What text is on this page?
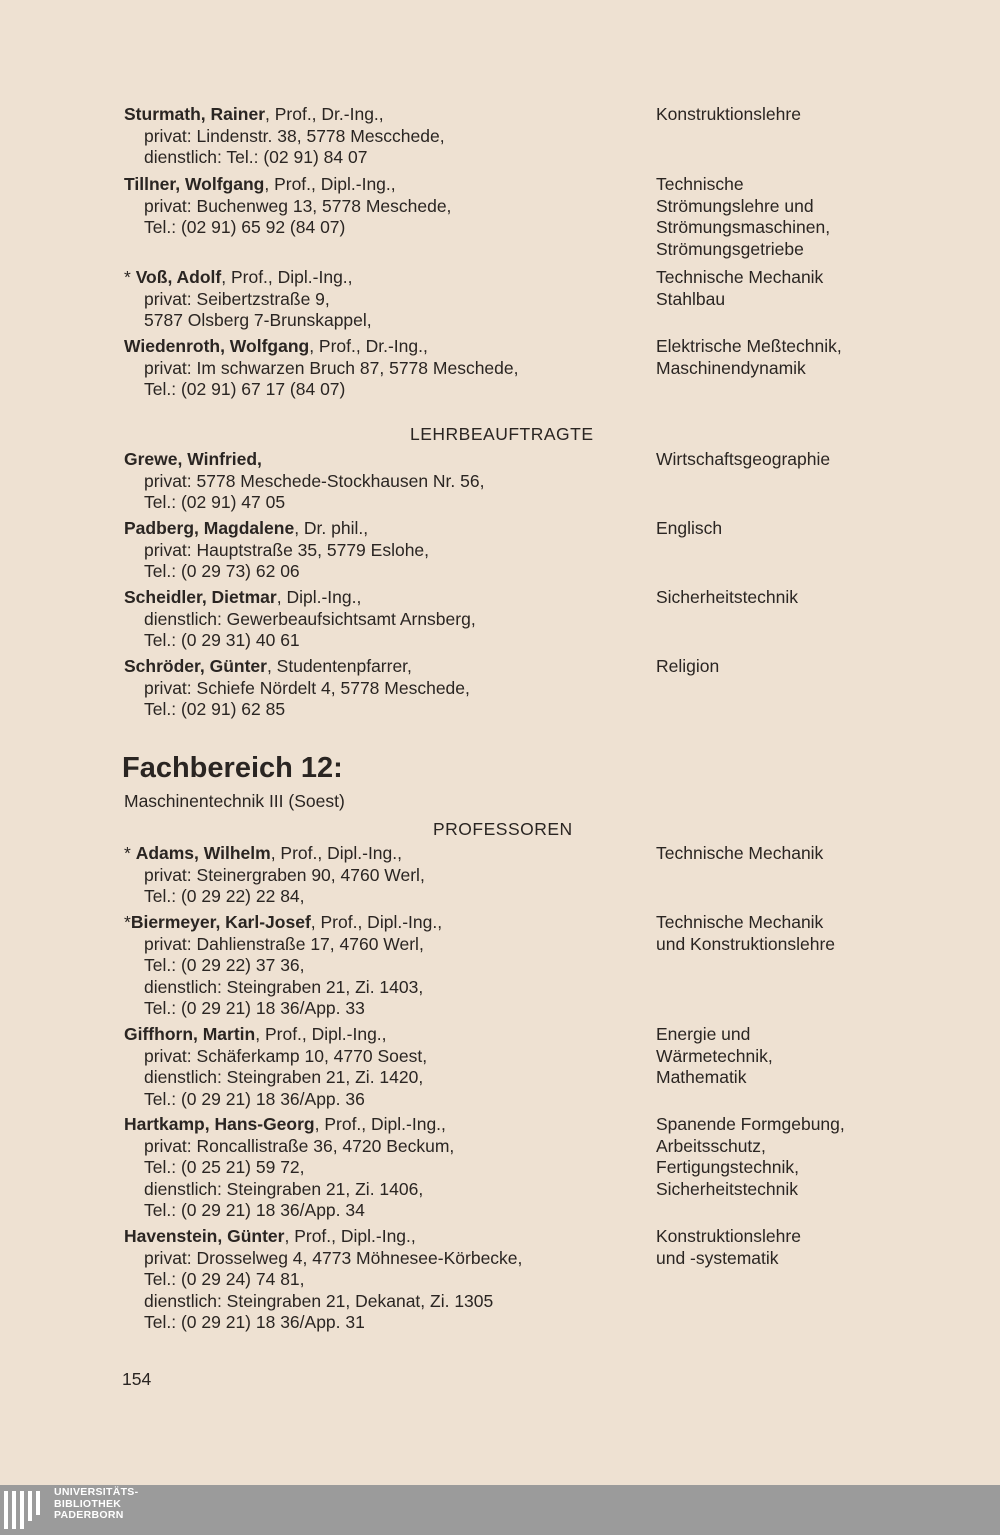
Sturmath, Rainer, Prof., Dr.-Ing.,
privat: Lindenstr. 38, 5778 Mescchede,
dienstlich: Tel.: (02 91) 84 07
Konstruktionslehre
Tillner, Wolfgang, Prof., Dipl.-Ing.,
privat: Buchenweg 13, 5778 Meschede,
Tel.: (02 91) 65 92 (84 07)
Technische
Strömungslehre und
Strömungsmaschinen,
Strömungsgetriebe
* Voß, Adolf, Prof., Dipl.-Ing.,
privat: Seibertzstraße 9,
5787 Olsberg 7-Brunskappel,
Technische Mechanik
Stahlbau
Wiedenroth, Wolfgang, Prof., Dr.-Ing.,
privat: Im schwarzen Bruch 87, 5778 Meschede,
Tel.: (02 91) 67 17 (84 07)
Elektrische Meßtechnik,
Maschinendynamik
LEHRBEAUFTRAGTE
Grewe, Winfried,
privat: 5778 Meschede-Stockhausen Nr. 56,
Tel.: (02 91) 47 05
Wirtschaftsgeographie
Padberg, Magdalene, Dr. phil.,
privat: Hauptstraße 35, 5779 Eslohe,
Tel.: (0 29 73) 62 06
Englisch
Scheidler, Dietmar, Dipl.-Ing.,
dienstlich: Gewerbeaufsichtsamt Arnsberg,
Tel.: (0 29 31) 40 61
Sicherheitstechnik
Schröder, Günter, Studentenpfarrer,
privat: Schiefe Nördelt 4, 5778 Meschede,
Tel.: (02 91) 62 85
Religion
Fachbereich 12:
Maschinentechnik III (Soest)
PROFESSOREN
* Adams, Wilhelm, Prof., Dipl.-Ing.,
privat: Steinergraben 90, 4760 Werl,
Tel.: (0 29 22) 22 84,
Technische Mechanik
*Biermeyer, Karl-Josef, Prof., Dipl.-Ing.,
privat: Dahlienstraße 17, 4760 Werl,
Tel.: (0 29 22) 37 36,
dienstlich: Steingraben 21, Zi. 1403,
Tel.: (0 29 21) 18 36/App. 33
Technische Mechanik
und Konstruktionslehre
Giffhorn, Martin, Prof., Dipl.-Ing.,
privat: Schäferkamp 10, 4770 Soest,
dienstlich: Steingraben 21, Zi. 1420,
Tel.: (0 29 21) 18 36/App. 36
Energie und
Wärmetechnik,
Mathematik
Hartkamp, Hans-Georg, Prof., Dipl.-Ing.,
privat: Roncallistraße 36, 4720 Beckum,
Tel.: (0 25 21) 59 72,
dienstlich: Steingraben 21, Zi. 1406,
Tel.: (0 29 21) 18 36/App. 34
Spanende Formgebung,
Arbeitsschutz,
Fertigungstechnik,
Sicherheitstechnik
Havenstein, Günter, Prof., Dipl.-Ing.,
privat: Drosselweg 4, 4773 Möhnesee-Körbecke,
Tel.: (0 29 24) 74 81,
dienstlich: Steingraben 21, Dekanat, Zi. 1305
Tel.: (0 29 21) 18 36/App. 31
Konstruktionslehre
und -systematik
154
UNIVERSITÄTS-
BIBLIOTHEK
PADERBORN
